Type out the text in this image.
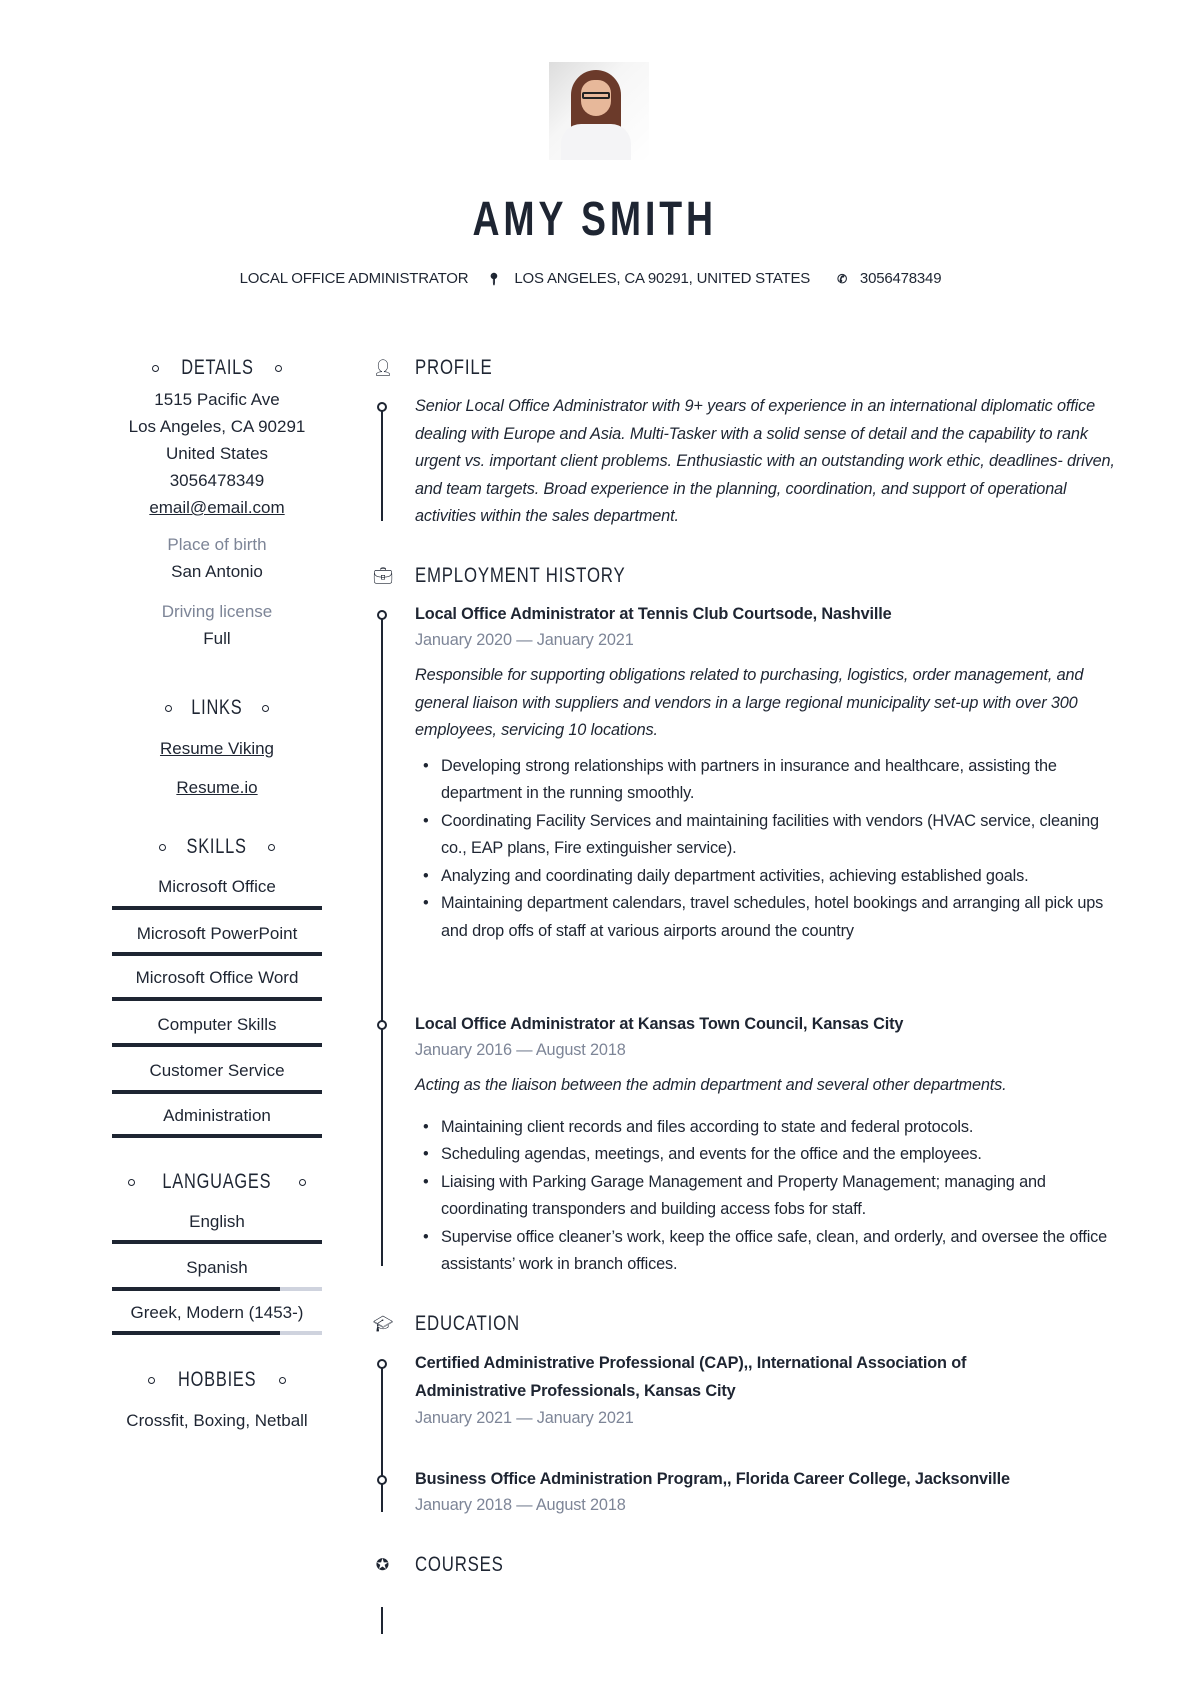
AMY SMITH
LOCAL OFFICE ADMINISTRATOR 📍︎ LOS ANGELES, CA 90291, UNITED STATES ✆ 3056478349
DETAILS
1515 Pacific Ave
Los Angeles, CA 90291
United States
3056478349
email@email.com
Place of birth
San Antonio
Driving license
Full
LINKS
Resume Viking
Resume.io
SKILLS
Microsoft Office
Microsoft PowerPoint
Microsoft Office Word
Computer Skills
Customer Service
Administration
LANGUAGES
English
Spanish
Greek, Modern (1453-)
HOBBIES
Crossfit, Boxing, Netball
👤︎ PROFILE
Senior Local Office Administrator with 9+ years of experience in an international diplomatic office dealing with Europe and Asia. Multi-Tasker with a solid sense of detail and the capability to rank urgent vs. important client problems. Enthusiastic with an outstanding work ethic, deadlines- driven, and team targets. Broad experience in the planning, coordination, and support of operational activities within the sales department.
💼︎ EMPLOYMENT HISTORY
Local Office Administrator at Tennis Club Courtsode, Nashville
January 2020 — January 2021
Responsible for supporting obligations related to purchasing, logistics, order management, and general liaison with suppliers and vendors in a large regional municipality set-up with over 300 employees, servicing 10 locations.
• Developing strong relationships with partners in insurance and healthcare, assisting the department in the running smoothly.
• Coordinating Facility Services and maintaining facilities with vendors (HVAC service, cleaning co., EAP plans, Fire extinguisher service).
• Analyzing and coordinating daily department activities, achieving established goals.
• Maintaining department calendars, travel schedules, hotel bookings and arranging all pick ups and drop offs of staff at various airports around the country
Local Office Administrator at Kansas Town Council, Kansas City
January 2016 — August 2018
Acting as the liaison between the admin department and several other departments.
• Maintaining client records and files according to state and federal protocols.
• Scheduling agendas, meetings, and events for the office and the employees.
• Liaising with Parking Garage Management and Property Management; managing and coordinating transponders and building access fobs for staff.
• Supervise office cleaner’s work, keep the office safe, clean, and orderly, and oversee the office assistants’ work in branch offices.
🎓︎ EDUCATION
Certified Administrative Professional (CAP),, International Association of Administrative Professionals, Kansas City
January 2021 — January 2021
Business Office Administration Program,, Florida Career College, Jacksonville
January 2018 — August 2018
✪ COURSES
